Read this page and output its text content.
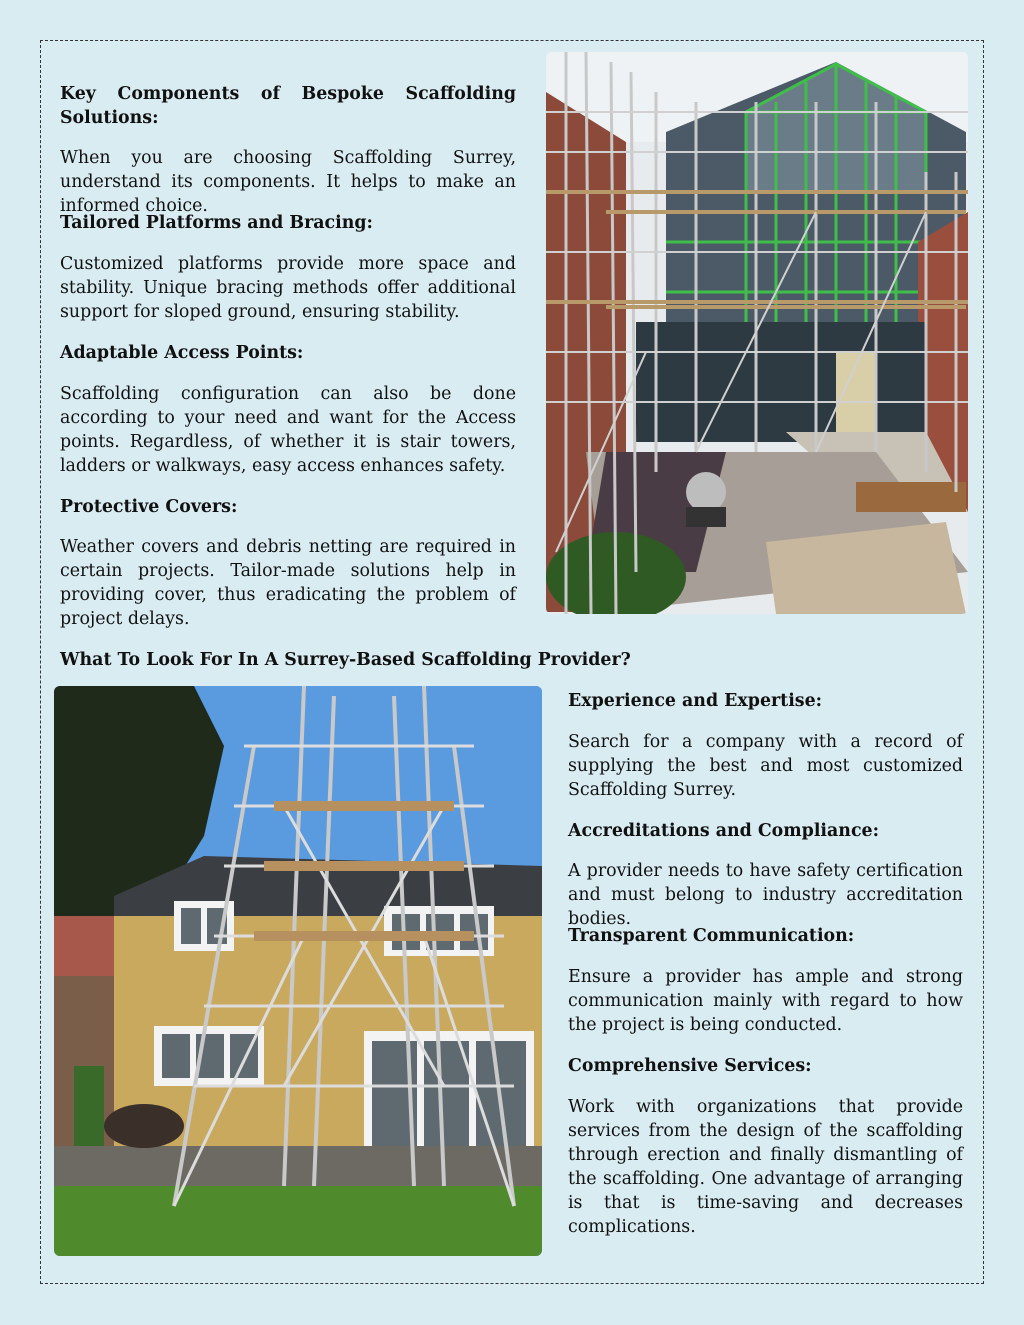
Key Components of Bespoke Scaffolding Solutions:

When you are choosing Scaffolding Surrey, understand its components. It helps to make an informed choice.

Tailored Platforms and Bracing:

Customized platforms provide more space and stability. Unique bracing methods offer additional support for sloped ground, ensuring stability.

Adaptable Access Points:

Scaffolding configuration can also be done according to your need and want for the Access points. Regardless, of whether it is stair towers, ladders or walkways, easy access enhances safety.

Protective Covers:

Weather covers and debris netting are required in certain projects. Tailor-made solutions help in providing cover, thus eradicating the problem of project delays.

What To Look For In A Surrey-Based Scaffolding Provider?

Experience and Expertise:

Search for a company with a record of supplying the best and most customized Scaffolding Surrey.

Accreditations and Compliance:

A provider needs to have safety certification and must belong to industry accreditation bodies.

Transparent Communication:

Ensure a provider has ample and strong communication mainly with regard to how the project is being conducted.

Comprehensive Services:

Work with organizations that provide services from the design of the scaffolding through erection and finally dismantling of the scaffolding. One advantage of arranging is that is time-saving and decreases complications.
